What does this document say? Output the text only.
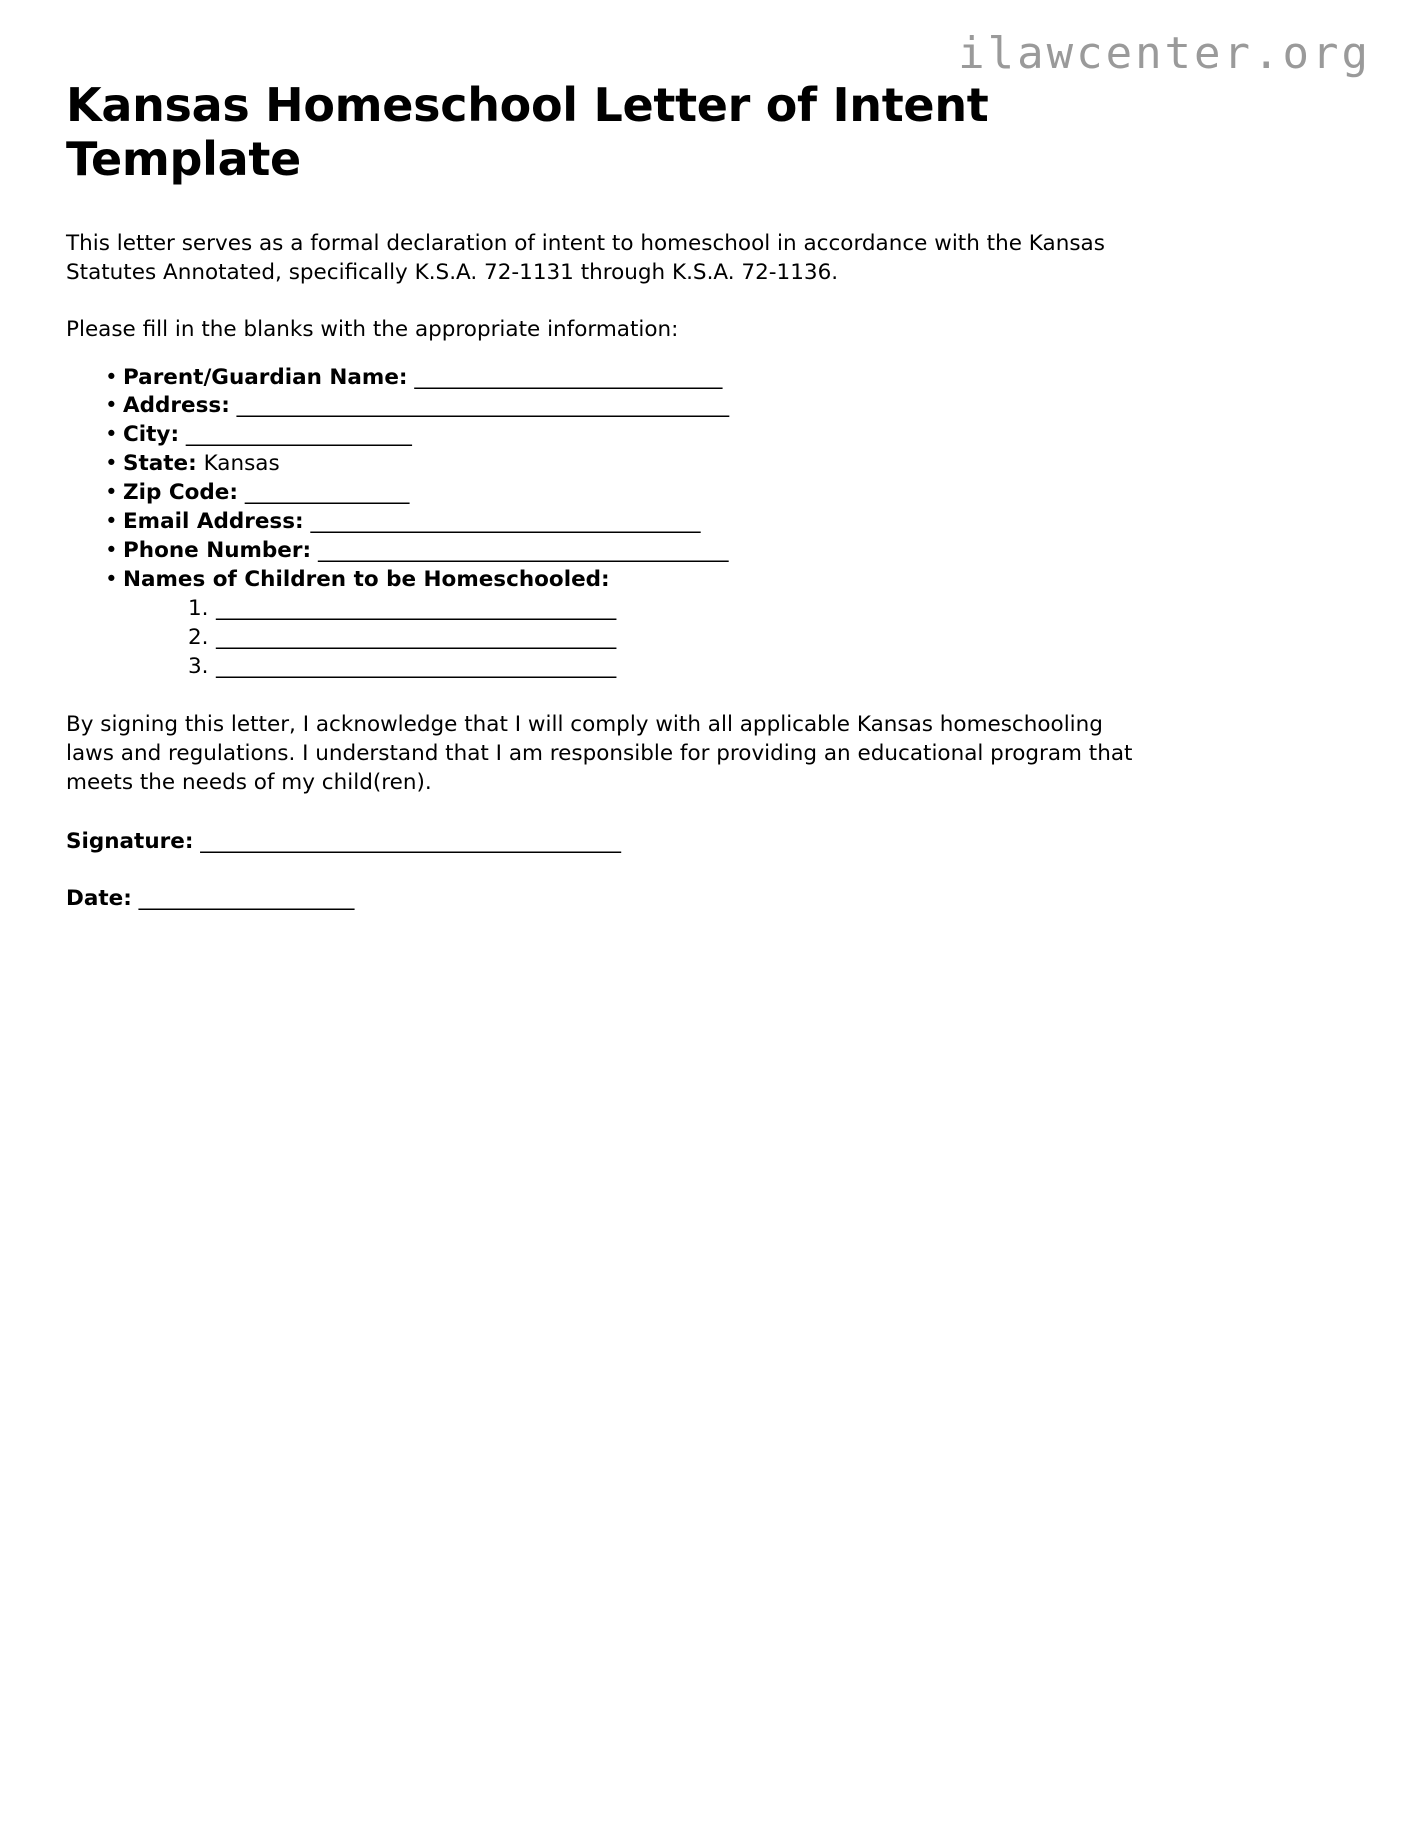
ilawcenter.org
Kansas Homeschool Letter of Intent Template

This letter serves as a formal declaration of intent to homeschool in accordance with the Kansas Statutes Annotated, specifically K.S.A. 72-1131 through K.S.A. 72-1136.

Please fill in the blanks with the appropriate information:

• Parent/Guardian Name: ______________________________
• Address: ________________________________________________
• City: ______________________
• State: Kansas
• Zip Code: ________________
• Email Address: ______________________________________
• Phone Number: ________________________________________
• Names of Children to be Homeschooled:
1. _______________________________________
2. _______________________________________
3. _______________________________________

By signing this letter, I acknowledge that I will comply with all applicable Kansas homeschooling laws and regulations. I understand that I am responsible for providing an educational program that meets the needs of my child(ren).

Signature: _________________________________________
Date: _____________________
